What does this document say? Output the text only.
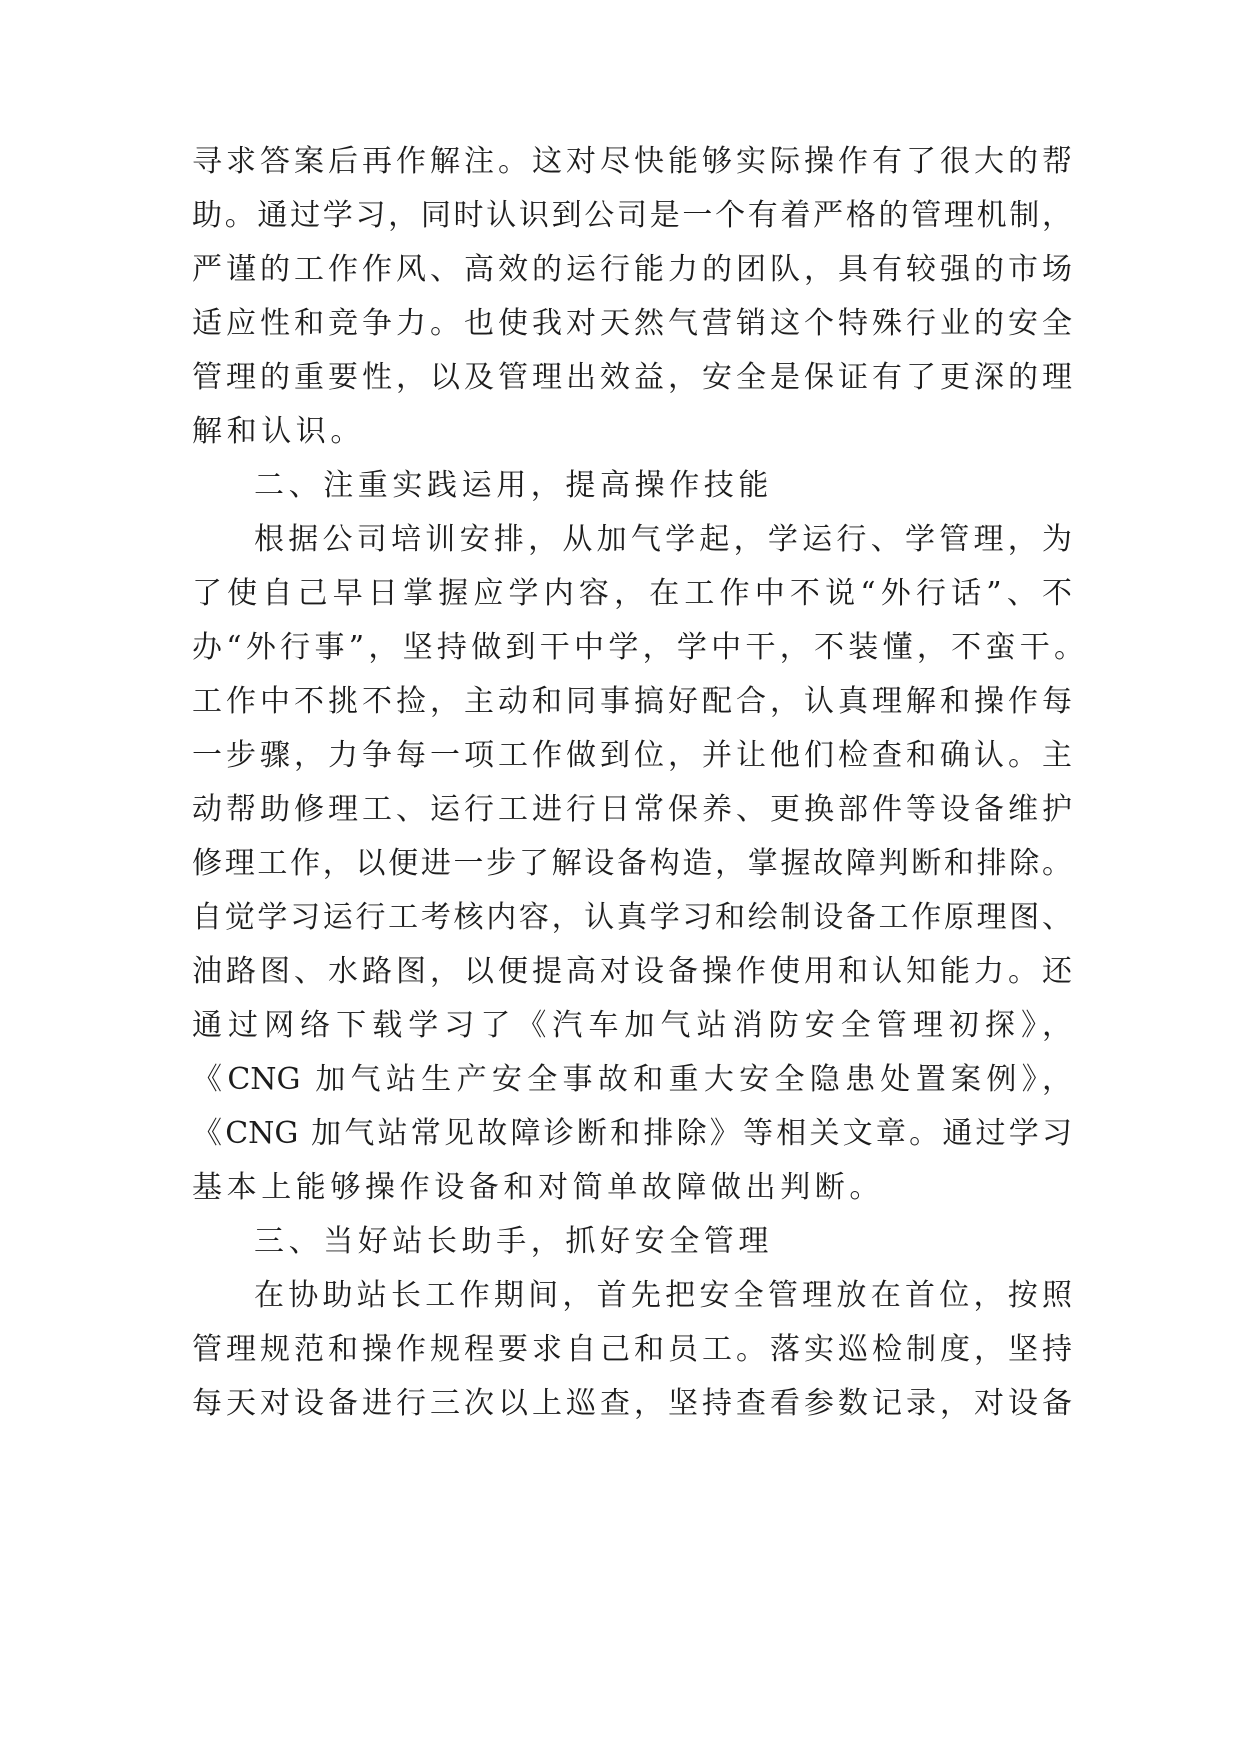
寻求答案后再作解注。这对尽快能够实际操作有了很大的帮

助。通过学习，同时认识到公司是一个有着严格的管理机制，

严谨的工作作风、高效的运行能力的团队，具有较强的市场

适应性和竞争力。也使我对天然气营销这个特殊行业的安全

管理的重要性，以及管理出效益，安全是保证有了更深的理

解和认识。

二、注重实践运用，提高操作技能

根据公司培训安排，从加气学起，学运行、学管理，为

了使自己早日掌握应学内容，在工作中不说“外行话”、不

办“外行事”，坚持做到干中学，学中干，不装懂，不蛮干。

工作中不挑不捡，主动和同事搞好配合，认真理解和操作每

一步骤，力争每一项工作做到位，并让他们检查和确认。主

动帮助修理工、运行工进行日常保养、更换部件等设备维护

修理工作，以便进一步了解设备构造，掌握故障判断和排除。

自觉学习运行工考核内容，认真学习和绘制设备工作原理图、

油路图、水路图，以便提高对设备操作使用和认知能力。还

通过网络下载学习了《汽车加气站消防安全管理初探》，

《CNG 加气站生产安全事故和重大安全隐患处置案例》，

《CNG 加气站常见故障诊断和排除》等相关文章。通过学习

基本上能够操作设备和对简单故障做出判断。

三、当好站长助手，抓好安全管理

在协助站长工作期间，首先把安全管理放在首位，按照

管理规范和操作规程要求自己和员工。落实巡检制度，坚持

每天对设备进行三次以上巡查，坚持查看参数记录，对设备
